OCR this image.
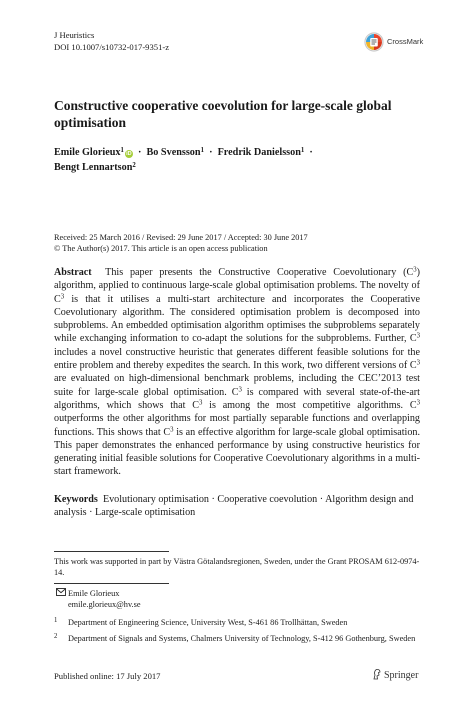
J Heuristics
DOI 10.1007/s10732-017-9351-z	CrossMark
Constructive cooperative coevolution for large-scale global optimisation
Emile Glorieux$^1$ iD  ·  Bo Svensson$^1$  ·  Fredrik Danielsson$^1$  ·
Bengt Lennartson$^2$
Received: 25 March 2016 / Revised: 29 June 2017 / Accepted: 30 June 2017
© The Author(s) 2017. This article is an open access publication

Abstract This paper presents the Constructive Cooperative Coevolutionary $(C^3)$ algorithm, applied to continuous large-scale global optimisation problems. The novelty of $C^3$ is that it utilises a multi-start architecture and incorporates the Cooperative Coevolutionary algorithm. The considered optimisation problem is decomposed into subproblems. An embedded optimisation algorithm optimises the subproblems separately while exchanging information to co-adapt the solutions for the subproblems. Further, $C^3$ includes a novel constructive heuristic that generates different feasible solutions for the entire problem and thereby expedites the search. In this work, two different versions of $C^3$ are evaluated on high-dimensional benchmark problems, including the CEC’2013 test suite for large-scale global optimisation. $C^3$ is compared with several state-of-the-art algorithms, which shows that $C^3$ is among the most competitive algorithms. $C^3$ outperforms the other algorithms for most partially separable functions and overlapping functions. This shows that $C^3$ is an effective algorithm for large-scale global optimisation. This paper demonstrates the enhanced performance by using constructive heuristics for generating initial feasible solutions for Cooperative Coevolutionary algorithms in a multi-start framework.

Keywords Evolutionary optimisation · Cooperative coevolution · Algorithm design and analysis · Large-scale optimisation
This work was supported in part by Västra Götalandsregionen, Sweden, under the Grant PROSAM 612-0974-14.
Emile Glorieux
emile.glorieux@hv.se
1 Department of Engineering Science, University West, S-461 86 Trollhättan, Sweden
2 Department of Signals and Systems, Chalmers University of Technology, S-412 96 Gothenburg, Sweden
Published online: 17 July 2017	Springer
